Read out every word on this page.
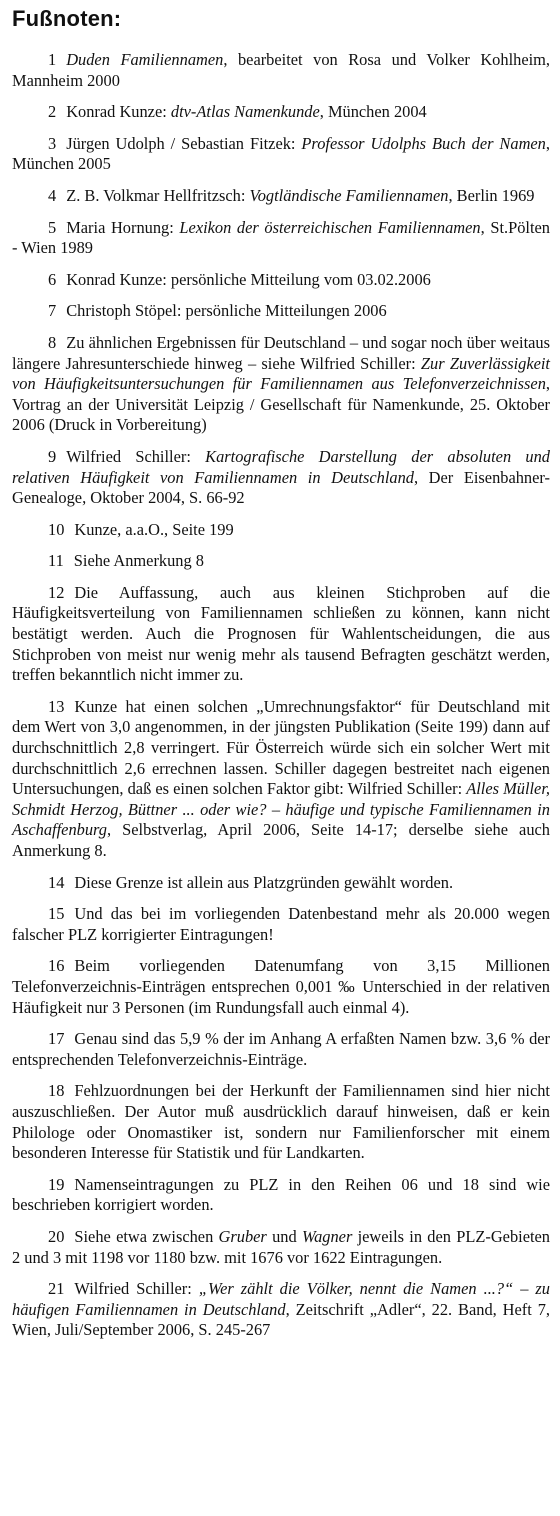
Fußnoten:

1 Duden Familiennamen, bearbeitet von Rosa und Volker Kohlheim, Mannheim 2000

2 Konrad Kunze: dtv-Atlas Namenkunde, München 2004

3 Jürgen Udolph / Sebastian Fitzek: Professor Udolphs Buch der Namen, München 2005

4 Z. B. Volkmar Hellfritzsch: Vogtländische Familiennamen, Berlin 1969

5 Maria Hornung: Lexikon der österreichischen Familiennamen, St.Pölten - Wien 1989

6 Konrad Kunze: persönliche Mitteilung vom 03.02.2006

7 Christoph Stöpel: persönliche Mitteilungen 2006

8 Zu ähnlichen Ergebnissen für Deutschland – und sogar noch über weitaus längere Jahresunterschiede hinweg – siehe Wilfried Schiller: Zur Zuverlässigkeit von Häufigkeitsuntersuchungen für Familiennamen aus Telefonverzeichnissen, Vortrag an der Universität Leipzig / Gesellschaft für Namenkunde, 25. Oktober 2006 (Druck in Vorbereitung)

9 Wilfried Schiller: Kartografische Darstellung der absoluten und relativen Häufigkeit von Familiennamen in Deutschland, Der Eisenbahner-Genealoge, Oktober 2004, S. 66-92

10 Kunze, a.a.O., Seite 199

11 Siehe Anmerkung 8

12 Die Auffassung, auch aus kleinen Stichproben auf die Häufigkeitsverteilung von Familiennamen schließen zu können, kann nicht bestätigt werden. Auch die Prognosen für Wahlentscheidungen, die aus Stichproben von meist nur wenig mehr als tausend Befragten geschätzt werden, treffen bekanntlich nicht immer zu.

13 Kunze hat einen solchen „Umrechnungsfaktor“ für Deutschland mit dem Wert von 3,0 angenommen, in der jüngsten Publikation (Seite 199) dann auf durchschnittlich 2,8 verringert. Für Österreich würde sich ein solcher Wert mit durchschnittlich 2,6 errechnen lassen. Schiller dagegen bestreitet nach eigenen Untersuchungen, daß es einen solchen Faktor gibt: Wilfried Schiller: Alles Müller, Schmidt Herzog, Büttner ... oder wie? – häufige und typische Familiennamen in Aschaffenburg, Selbstverlag, April 2006, Seite 14-17; derselbe siehe auch Anmerkung 8.

14 Diese Grenze ist allein aus Platzgründen gewählt worden.

15 Und das bei im vorliegenden Datenbestand mehr als 20.000 wegen falscher PLZ korrigierter Eintragungen!

16 Beim vorliegenden Datenumfang von 3,15 Millionen Telefonverzeichnis-Einträgen entsprechen 0,001 ‰ Unterschied in der relativen Häufigkeit nur 3 Personen (im Rundungsfall auch einmal 4).

17 Genau sind das 5,9 % der im Anhang A erfaßten Namen bzw. 3,6 % der entsprechenden Telefonverzeichnis-Einträge.

18 Fehlzuordnungen bei der Herkunft der Familiennamen sind hier nicht auszuschließen. Der Autor muß ausdrücklich darauf hinweisen, daß er kein Philologe oder Onomastiker ist, sondern nur Familienforscher mit einem besonderen Interesse für Statistik und für Landkarten.

19 Namenseintragungen zu PLZ in den Reihen 06 und 18 sind wie beschrieben korrigiert worden.

20 Siehe etwa zwischen Gruber und Wagner jeweils in den PLZ-Gebieten 2 und 3 mit 1198 vor 1180 bzw. mit 1676 vor 1622 Eintragungen.

21 Wilfried Schiller: „Wer zählt die Völker, nennt die Namen ...?“ – zu häufigen Familiennamen in Deutschland, Zeitschrift „Adler“, 22. Band, Heft 7, Wien, Juli/September 2006, S. 245-267
